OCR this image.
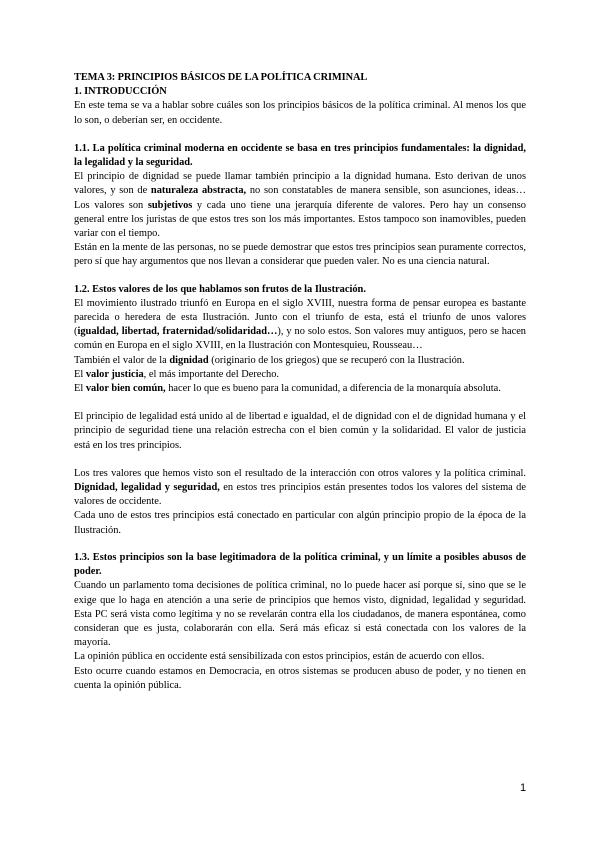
TEMA 3: PRINCIPIOS BÁSICOS DE LA POLÍTICA CRIMINAL

1. INTRODUCCIÓN

En este tema se va a hablar sobre cuáles son los principios básicos de la política criminal. Al menos los que lo son, o deberían ser, en occidente.

1.1. La política criminal moderna en occidente se basa en tres principios fundamentales: la dignidad, la legalidad y la seguridad.

El principio de dignidad se puede llamar también principio a la dignidad humana. Esto derivan de unos valores, y son de naturaleza abstracta, no son constatables de manera sensible, son asunciones, ideas… Los valores son subjetivos y cada uno tiene una jerarquía diferente de valores. Pero hay un consenso general entre los juristas de que estos tres son los más importantes. Estos tampoco son inamovibles, pueden variar con el tiempo.

Están en la mente de las personas, no se puede demostrar que estos tres principios sean puramente correctos, pero sí que hay argumentos que nos llevan a considerar que pueden valer. No es una ciencia natural.

1.2. Estos valores de los que hablamos son frutos de la Ilustración.

El movimiento ilustrado triunfó en Europa en el siglo XVIII, nuestra forma de pensar europea es bastante parecida o heredera de esta Ilustración. Junto con el triunfo de esta, está el triunfo de unos valores (igualdad, libertad, fraternidad/solidaridad…), y no solo estos. Son valores muy antiguos, pero se hacen común en Europa en el siglo XVIII, en la Ilustración con Montesquieu, Rousseau…

También el valor de la dignidad (originario de los griegos) que se recuperó con la Ilustración.

El valor justicia, el más importante del Derecho.

El valor bien común, hacer lo que es bueno para la comunidad, a diferencia de la monarquía absoluta.

El principio de legalidad está unido al de libertad e igualdad, el de dignidad con el de dignidad humana y el principio de seguridad tiene una relación estrecha con el bien común y la solidaridad. El valor de justicia está en los tres principios.

Los tres valores que hemos visto son el resultado de la interacción con otros valores y la política criminal. Dignidad, legalidad y seguridad, en estos tres principios están presentes todos los valores del sistema de valores de occidente.

Cada uno de estos tres principios está conectado en particular con algún principio propio de la época de la Ilustración.

1.3. Estos principios son la base legitimadora de la política criminal, y un límite a posibles abusos de poder.

Cuando un parlamento toma decisiones de política criminal, no lo puede hacer así porque sí, sino que se le exige que lo haga en atención a una serie de principios que hemos visto, dignidad, legalidad y seguridad. Esta PC será vista como legítima y no se revelarán contra ella los ciudadanos, de manera espontánea, como consideran que es justa, colaborarán con ella. Será más eficaz si está conectada con los valores de la mayoría.

La opinión pública en occidente está sensibilizada con estos principios, están de acuerdo con ellos.

Esto ocurre cuando estamos en Democracia, en otros sistemas se producen abuso de poder, y no tienen en cuenta la opinión pública.

1
